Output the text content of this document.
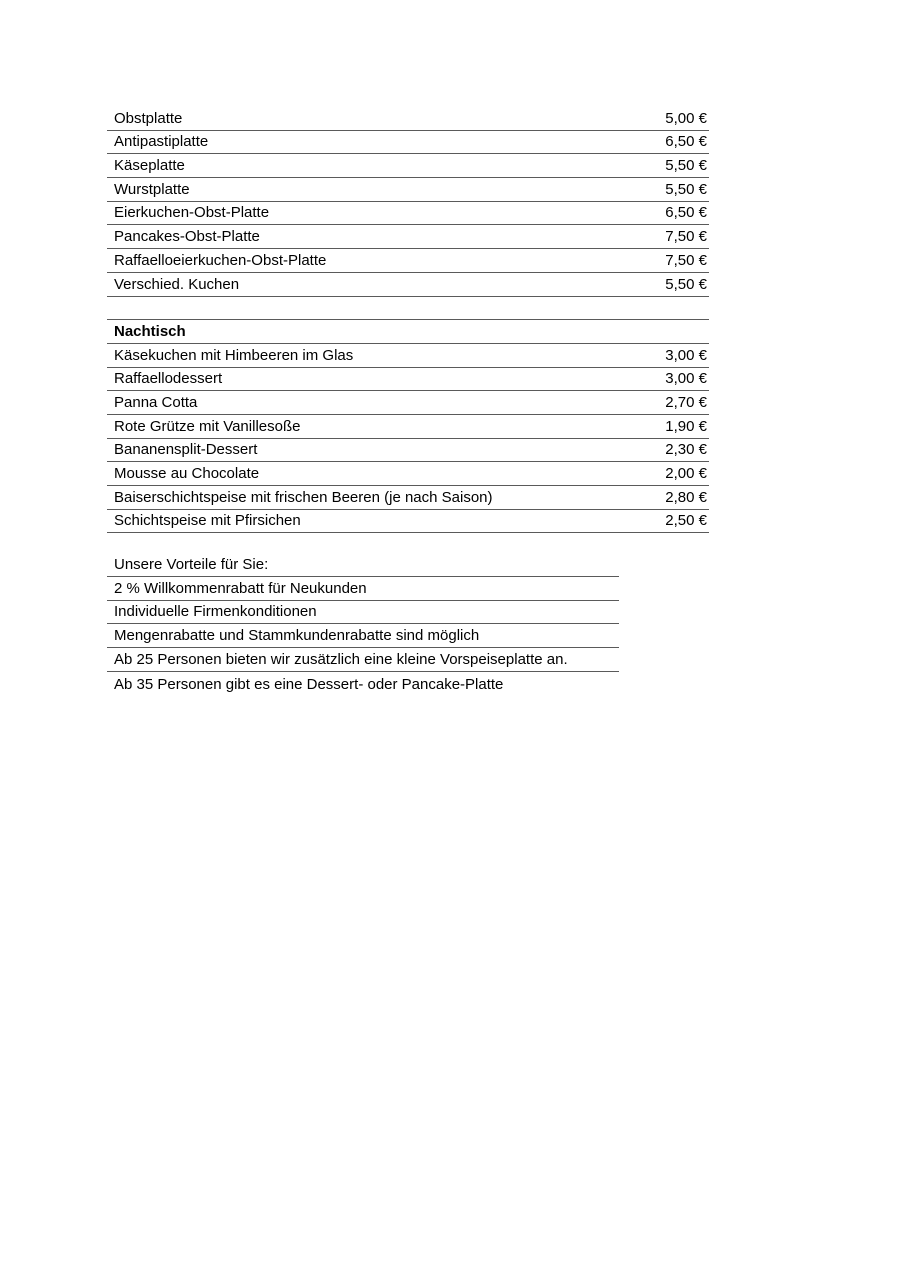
Obstplatte	5,00 €
Antipastiplatte	6,50 €
Käseplatte	5,50 €
Wurstplatte	5,50 €
Eierkuchen-Obst-Platte	6,50 €
Pancakes-Obst-Platte	7,50 €
Raffaelloeierkuchen-Obst-Platte	7,50 €
Verschied. Kuchen	5,50 €
Nachtisch
Käsekuchen mit Himbeeren im Glas	3,00 €
Raffaellodessert	3,00 €
Panna Cotta	2,70 €
Rote Grütze mit Vanillesoße	1,90 €
Bananensplit-Dessert	2,30 €
Mousse au Chocolate	2,00 €
Baiserschichtspeise mit frischen Beeren (je nach Saison)	2,80 €
Schichtspeise mit Pfirsichen	2,50 €
Unsere Vorteile für Sie:
2 % Willkommenrabatt für Neukunden
Individuelle Firmenkonditionen
Mengenrabatte und Stammkundenrabatte sind möglich
Ab 25 Personen bieten wir zusätzlich eine kleine Vorspeiseplatte an.
Ab 35 Personen gibt es eine Dessert- oder Pancake-Platte
